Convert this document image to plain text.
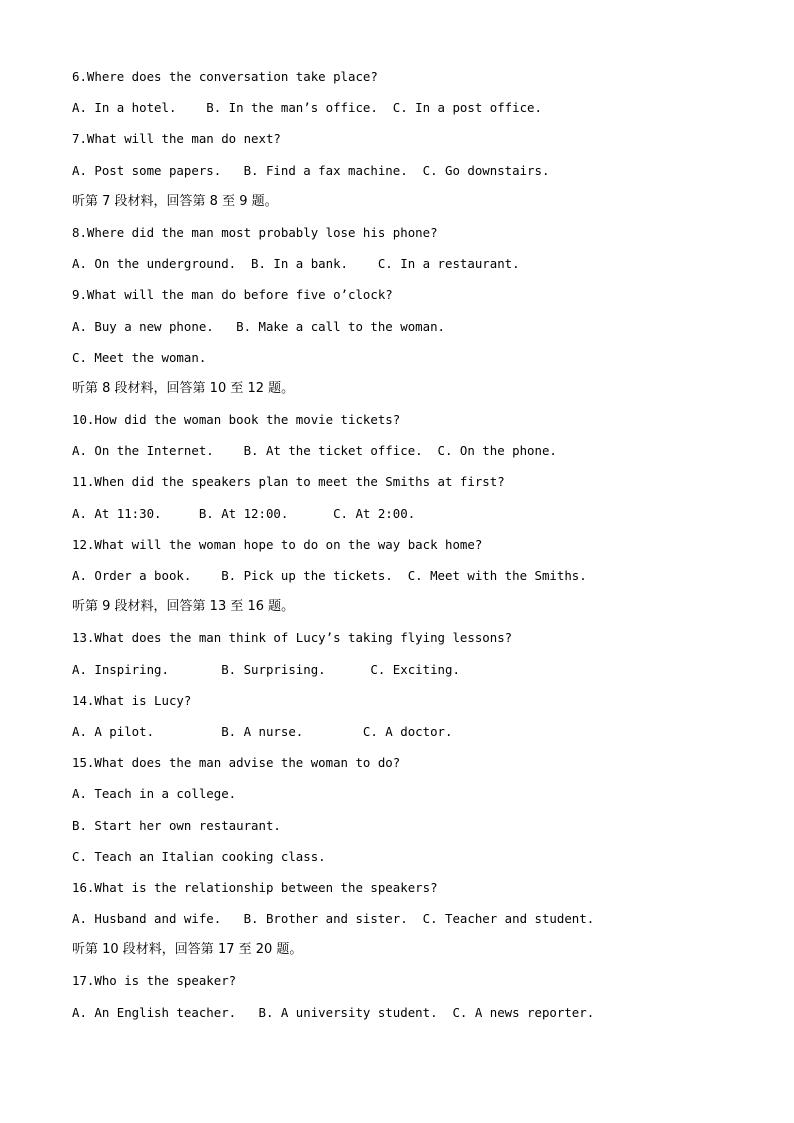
6.Where does the conversation take place?
A. In a hotel.    B. In the man’s office.  C. In a post office.
7.What will the man do next?
A. Post some papers.   B. Find a fax machine.  C. Go downstairs.
听第 7 段材料，回答第 8 至 9 题。
8.Where did the man most probably lose his phone?
A. On the underground.  B. In a bank.    C. In a restaurant.
9.What will the man do before five o’clock?
A. Buy a new phone.   B. Make a call to the woman.
C. Meet the woman.
听第 8 段材料，回答第 10 至 12 题。
10.How did the woman book the movie tickets?
A. On the Internet.    B. At the ticket office.  C. On the phone.
11.When did the speakers plan to meet the Smiths at first?
A. At 11:30.     B. At 12:00.      C. At 2:00.
12.What will the woman hope to do on the way back home?
A. Order a book.    B. Pick up the tickets.  C. Meet with the Smiths.
听第 9 段材料，回答第 13 至 16 题。
13.What does the man think of Lucy’s taking flying lessons?
A. Inspiring.       B. Surprising.      C. Exciting.
14.What is Lucy?
A. A pilot.         B. A nurse.        C. A doctor.
15.What does the man advise the woman to do?
A. Teach in a college.
B. Start her own restaurant.
C. Teach an Italian cooking class.
16.What is the relationship between the speakers?
A. Husband and wife.   B. Brother and sister.  C. Teacher and student.
听第 10 段材料，回答第 17 至 20 题。
17.Who is the speaker?
A. An English teacher.   B. A university student.  C. A news reporter.
